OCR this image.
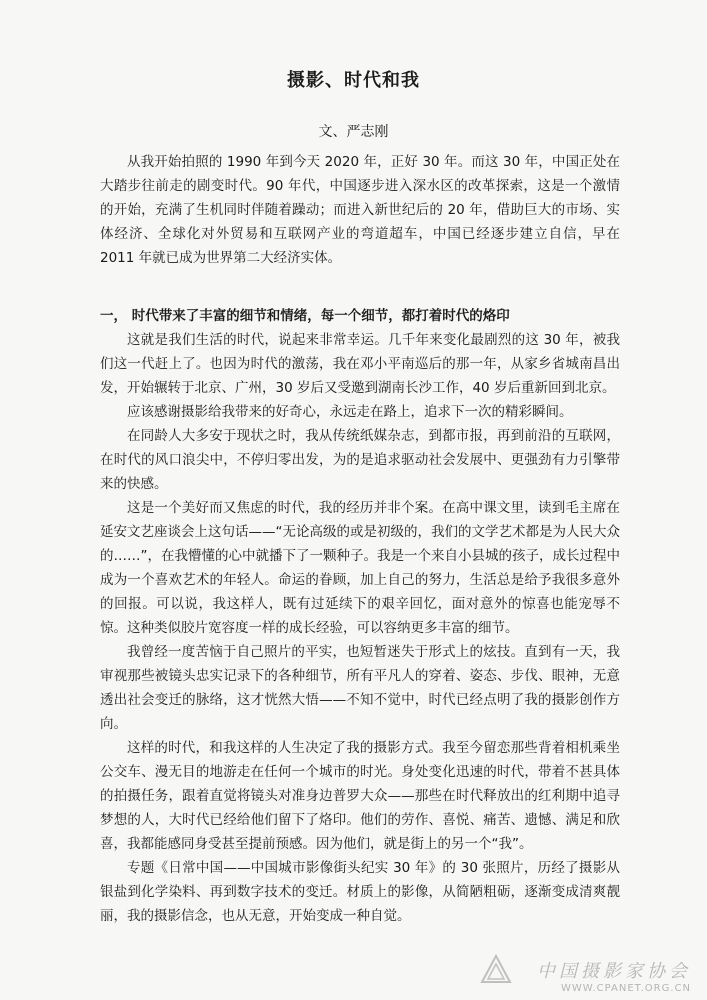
摄影、时代和我
文、严志刚

从我开始拍照的 1990 年到今天 2020 年，正好 30 年。而这 30 年，中国正处在大踏步往前走的剧变时代。90 年代，中国逐步进入深水区的改革探索，这是一个激情的开始，充满了生机同时伴随着躁动；而进入新世纪后的 20 年，借助巨大的市场、实体经济、全球化对外贸易和互联网产业的弯道超车，中国已经逐步建立自信，早在 2011 年就已成为世界第二大经济实体。

一， 时代带来了丰富的细节和情绪，每一个细节，都打着时代的烙印

这就是我们生活的时代，说起来非常幸运。几千年来变化最剧烈的这 30 年，被我们这一代赶上了。也因为时代的激荡，我在邓小平南巡后的那一年，从家乡省城南昌出发，开始辗转于北京、广州，30 岁后又受邀到湖南长沙工作，40 岁后重新回到北京。

应该感谢摄影给我带来的好奇心，永远走在路上，追求下一次的精彩瞬间。

在同龄人大多安于现状之时，我从传统纸媒杂志，到都市报，再到前沿的互联网，在时代的风口浪尖中，不停归零出发，为的是追求驱动社会发展中、更强劲有力引擎带来的快感。

这是一个美好而又焦虑的时代，我的经历并非个案。在高中课文里，读到毛主席在延安文艺座谈会上这句话——“无论高级的或是初级的，我们的文学艺术都是为人民大众的……”，在我懵懂的心中就播下了一颗种子。我是一个来自小县城的孩子，成长过程中成为一个喜欢艺术的年轻人。命运的眷顾，加上自己的努力，生活总是给予我很多意外的回报。可以说，我这样人，既有过延续下的艰辛回忆，面对意外的惊喜也能宠辱不惊。这种类似胶片宽容度一样的成长经验，可以容纳更多丰富的细节。

我曾经一度苦恼于自己照片的平实，也短暂迷失于形式上的炫技。直到有一天，我审视那些被镜头忠实记录下的各种细节，所有平凡人的穿着、姿态、步伐、眼神，无意透出社会变迁的脉络，这才恍然大悟——不知不觉中，时代已经点明了我的摄影创作方向。

这样的时代，和我这样的人生决定了我的摄影方式。我至今留恋那些背着相机乘坐公交车、漫无目的地游走在任何一个城市的时光。身处变化迅速的时代，带着不甚具体的拍摄任务，跟着直觉将镜头对准身边普罗大众——那些在时代释放出的红利期中追寻梦想的人，大时代已经给他们留下了烙印。他们的劳作、喜悦、痛苦、遗憾、满足和欣喜，我都能感同身受甚至提前预感。因为他们，就是街上的另一个“我”。

专题《日常中国——中国城市影像街头纪实 30 年》的 30 张照片，历经了摄影从银盐到化学染料、再到数字技术的变迁。材质上的影像，从简陋粗砺，逐渐变成清爽靓丽，我的摄影信念，也从无意，开始变成一种自觉。

中国摄影家协会
WWW.CPANET.ORG.CN
